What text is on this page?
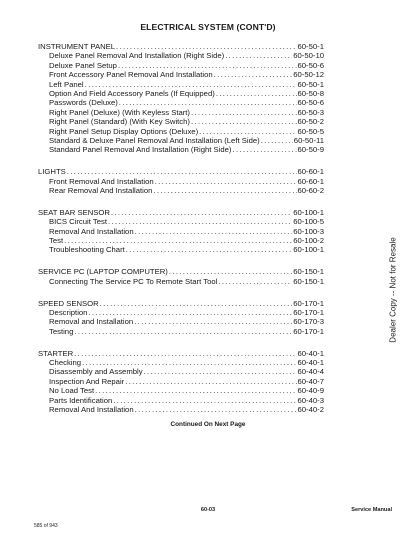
ELECTRICAL SYSTEM (CONT'D)
INSTRUMENT PANEL . . .	60-50-1
Deluxe Panel Removal And Installation (Right Side) . . .	60-50-10
Deluxe Panel Setup . . .	60-50-6
Front Accessory Panel Removal And Installation . . .	60-50-12
Left Panel . . .	60-50-1
Option And Field Accessory Panels (If Equipped) . . .	60-50-8
Passwords (Deluxe) . . .	60-50-6
Right Panel (Deluxe) (With Keyless Start) . . .	60-50-3
Right Panel (Standard) (With Key Switch) . . .	60-50-2
Right Panel Setup Display Options (Deluxe) . . .	60-50-5
Standard & Deluxe Panel Removal And Installation (Left Side) . . .	60-50-11
Standard Panel Removal And Installation (Right Side) . . .	60-50-9
LIGHTS . . .	60-60-1
Front Removal And Installation . . .	60-60-1
Rear Removal And Installation . . .	60-60-2
SEAT BAR SENSOR . . .	60-100-1
BICS Circuit Test . . .	60-100-5
Removal And Installation . . .	60-100-3
Test . . .	60-100-2
Troubleshooting Chart . . .	60-100-1
SERVICE PC (LAPTOP COMPUTER) . . .	60-150-1
Connecting The Service PC To Remote Start Tool . . .	60-150-1
SPEED SENSOR . . .	60-170-1
Description . . .	60-170-1
Removal and Installation . . .	60-170-3
Testing . . .	60-170-1
STARTER . . .	60-40-1
Checking . . .	60-40-1
Disassembly and Assembly . . .	60-40-4
Inspection And Repair . . .	60-40-7
No Load Test . . .	60-40-9
Parts Identification . . .	60-40-3
Removal And Installation . . .	60-40-2
Continued On Next Page
Dealer Copy -- Not for Resale
60-03	Service Manual
585 of 943
